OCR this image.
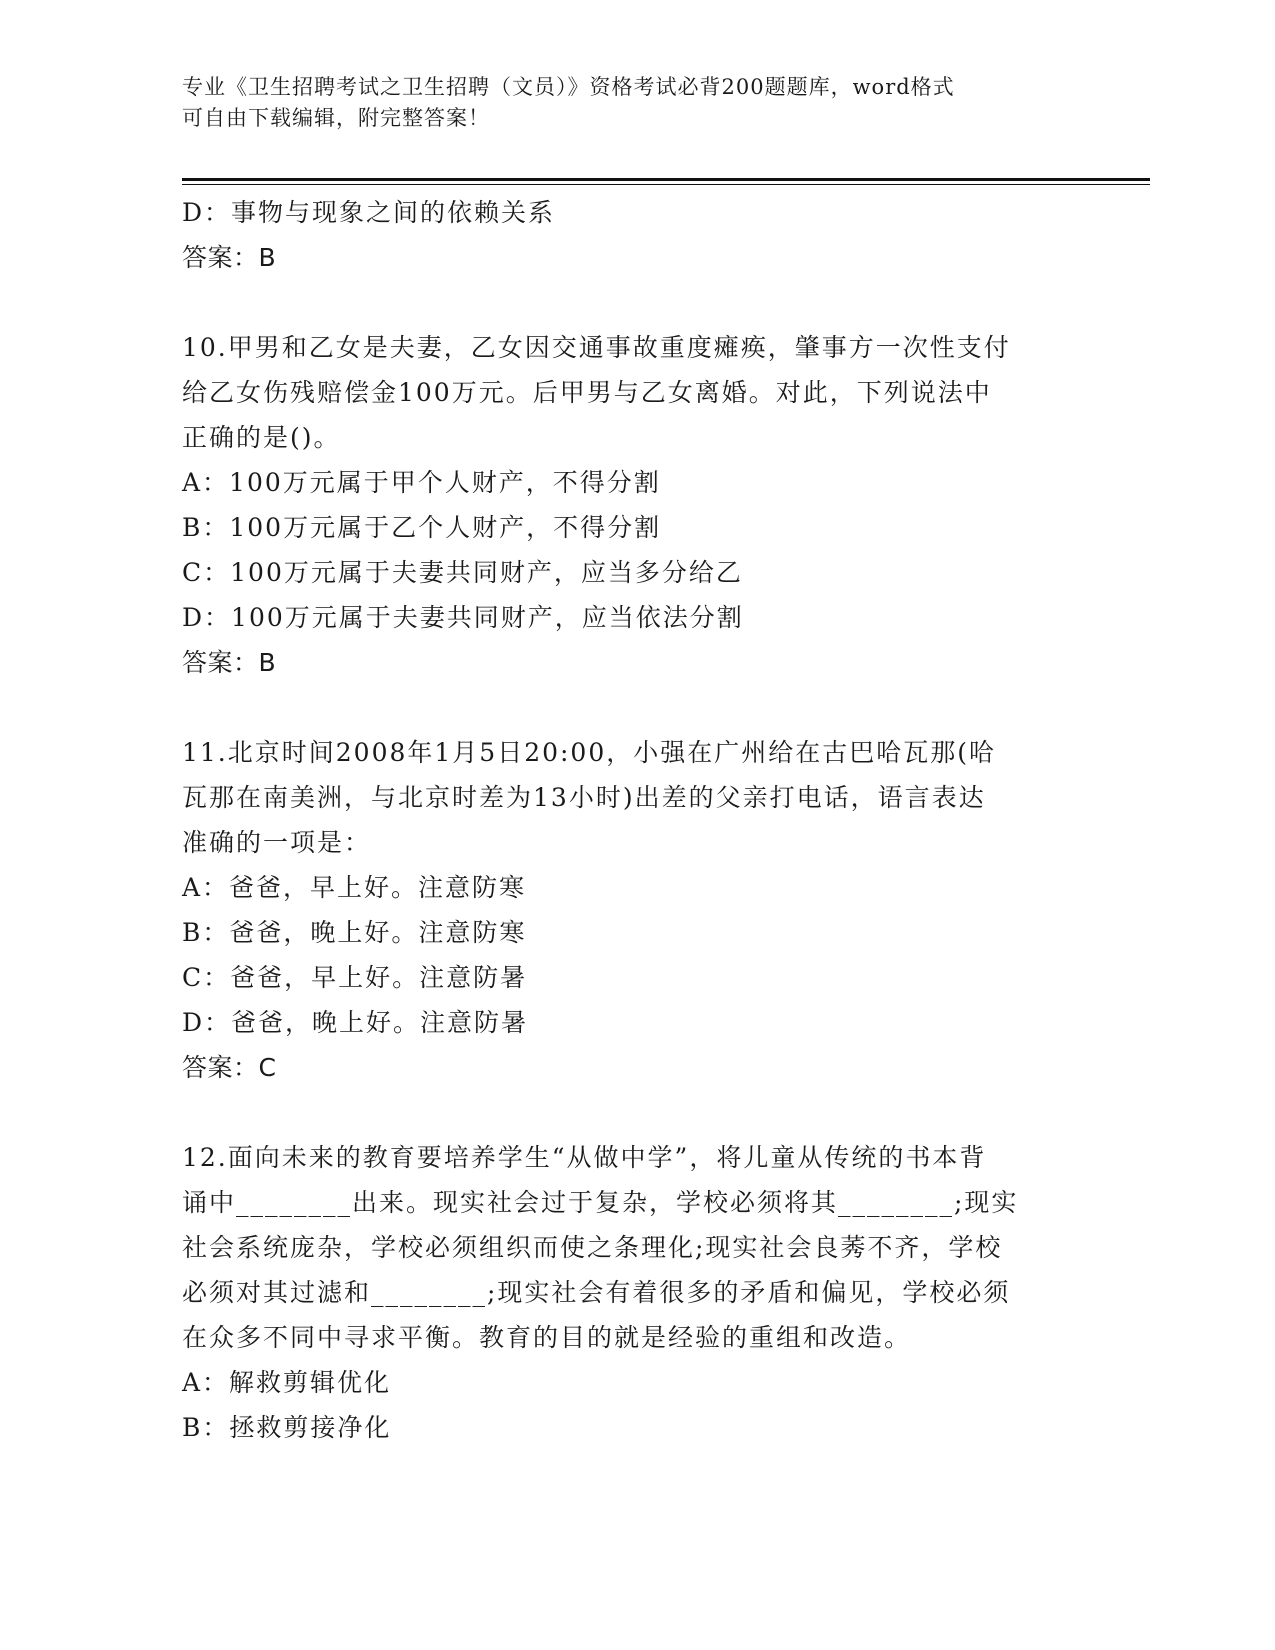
专业《卫生招聘考试之卫生招聘（文员）》资格考试必背200题题库，word格式
可自由下载编辑，附完整答案！
D：事物与现象之间的依赖关系
答案：B
10.甲男和乙女是夫妻，乙女因交通事故重度瘫痪，肇事方一次性支付
给乙女伤残赔偿金100万元。后甲男与乙女离婚。对此，下列说法中
正确的是()。
A：100万元属于甲个人财产，不得分割
B：100万元属于乙个人财产，不得分割
C：100万元属于夫妻共同财产，应当多分给乙
D：100万元属于夫妻共同财产，应当依法分割
答案：B
11.北京时间2008年1月5日20:00，小强在广州给在古巴哈瓦那(哈
瓦那在南美洲，与北京时差为13小时)出差的父亲打电话，语言表达
准确的一项是：
A：爸爸，早上好。注意防寒
B：爸爸，晚上好。注意防寒
C：爸爸，早上好。注意防暑
D：爸爸，晚上好。注意防暑
答案：C
12.面向未来的教育要培养学生“从做中学”，将儿童从传统的书本背
诵中________出来。现实社会过于复杂，学校必须将其________;现实
社会系统庞杂，学校必须组织而使之条理化;现实社会良莠不齐，学校
必须对其过滤和________;现实社会有着很多的矛盾和偏见，学校必须
在众多不同中寻求平衡。教育的目的就是经验的重组和改造。
A：解救剪辑优化
B：拯救剪接净化
